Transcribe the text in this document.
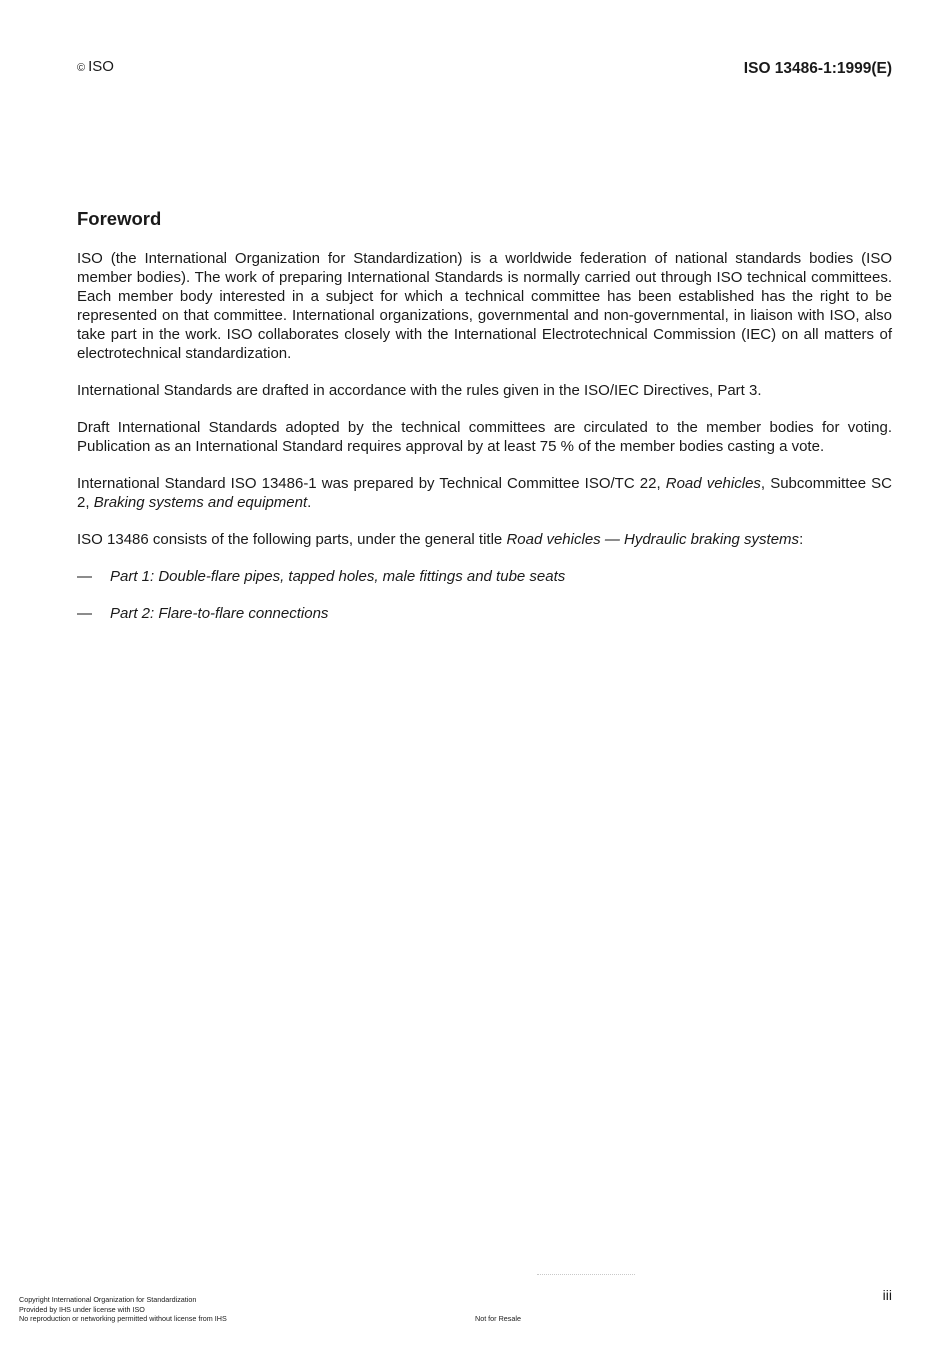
© ISO	ISO 13486-1:1999(E)
Foreword

ISO (the International Organization for Standardization) is a worldwide federation of national standards bodies (ISO member bodies). The work of preparing International Standards is normally carried out through ISO technical committees. Each member body interested in a subject for which a technical committee has been established has the right to be represented on that committee. International organizations, governmental and non-governmental, in liaison with ISO, also take part in the work. ISO collaborates closely with the International Electrotechnical Commission (IEC) on all matters of electrotechnical standardization.

International Standards are drafted in accordance with the rules given in the ISO/IEC Directives, Part 3.

Draft International Standards adopted by the technical committees are circulated to the member bodies for voting. Publication as an International Standard requires approval by at least 75 % of the member bodies casting a vote.

International Standard ISO 13486-1 was prepared by Technical Committee ISO/TC 22, Road vehicles, Subcommittee SC 2, Braking systems and equipment.

ISO 13486 consists of the following parts, under the general title Road vehicles — Hydraulic braking systems:

— Part 1: Double-flare pipes, tapped holes, male fittings and tube seats
— Part 2: Flare-to-flare connections
iii
Copyright International Organization for Standardization
Provided by IHS under license with ISO
No reproduction or networking permitted without license from IHS	Not for Resale
